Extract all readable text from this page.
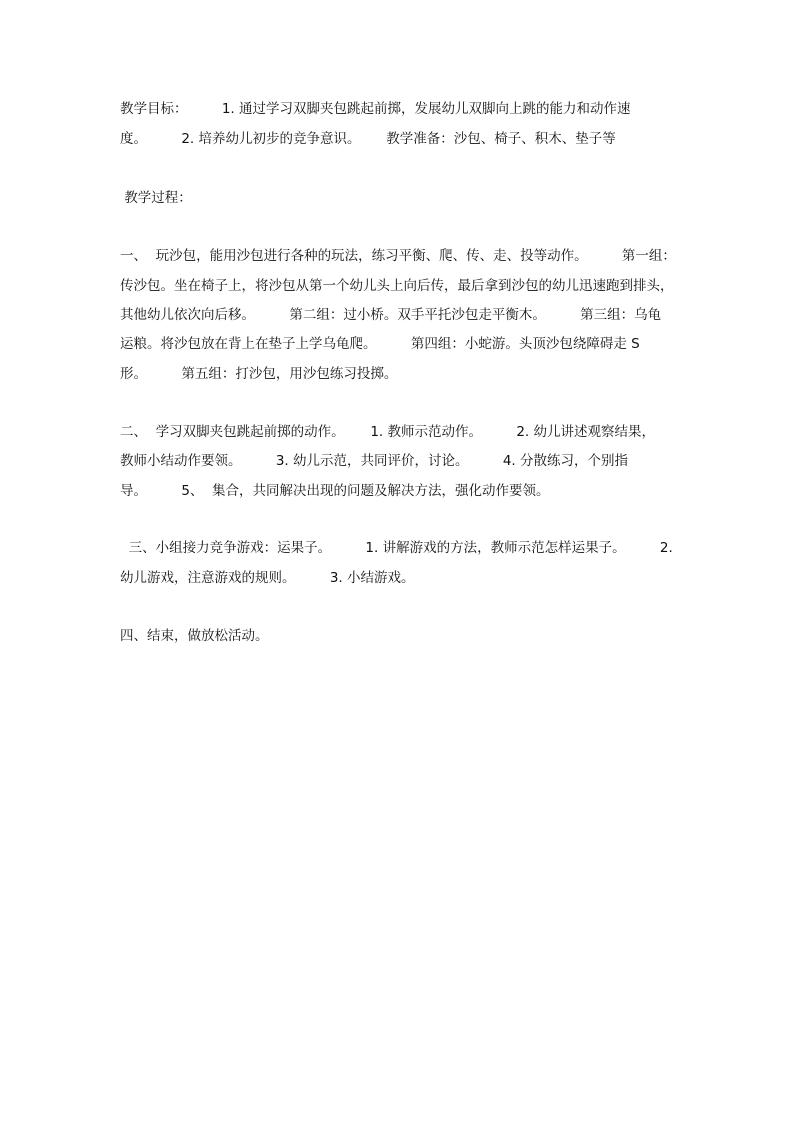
教学目标：        1. 通过学习双脚夹包跳起前掷，发展幼儿双脚向上跳的能力和动作速
度。        2. 培养幼儿初步的竞争意识。      教学准备：沙包、椅子、积木、垫子等
教学过程：
一、  玩沙包，能用沙包进行各种的玩法，练习平衡、爬、传、走、投等动作。        第一组：
传沙包。坐在椅子上，将沙包从第一个幼儿头上向后传，最后拿到沙包的幼儿迅速跑到排头，
其他幼儿依次向后移。        第二组：过小桥。双手平托沙包走平衡木。        第三组：乌龟
运粮。将沙包放在背上在垫子上学乌龟爬。        第四组：小蛇游。头顶沙包绕障碍走 S
形。        第五组：打沙包，用沙包练习投掷。
二、  学习双脚夹包跳起前掷的动作。      1. 教师示范动作。        2. 幼儿讲述观察结果，
教师小结动作要领。        3. 幼儿示范，共同评价，讨论。        4. 分散练习，个别指
导。        5、  集合，共同解决出现的问题及解决方法，强化动作要领。
三、小组接力竞争游戏：运果子。        1. 讲解游戏的方法，教师示范怎样运果子。        2.
幼儿游戏，注意游戏的规则。        3. 小结游戏。
四、结束，做放松活动。
